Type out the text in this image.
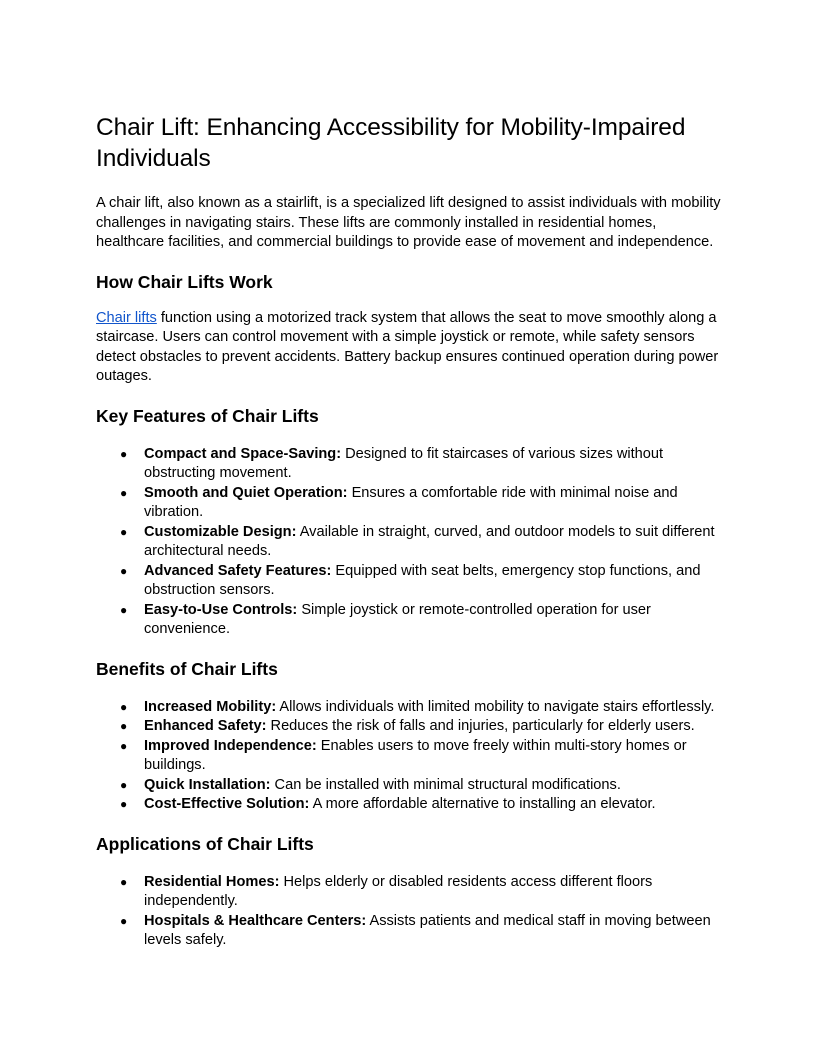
Chair Lift: Enhancing Accessibility for Mobility-Impaired Individuals

A chair lift, also known as a stairlift, is a specialized lift designed to assist individuals with mobility challenges in navigating stairs. These lifts are commonly installed in residential homes, healthcare facilities, and commercial buildings to provide ease of movement and independence.

How Chair Lifts Work

Chair lifts function using a motorized track system that allows the seat to move smoothly along a staircase. Users can control movement with a simple joystick or remote, while safety sensors detect obstacles to prevent accidents. Battery backup ensures continued operation during power outages.

Key Features of Chair Lifts
● Compact and Space-Saving: Designed to fit staircases of various sizes without obstructing movement.
● Smooth and Quiet Operation: Ensures a comfortable ride with minimal noise and vibration.
● Customizable Design: Available in straight, curved, and outdoor models to suit different architectural needs.
● Advanced Safety Features: Equipped with seat belts, emergency stop functions, and obstruction sensors.
● Easy-to-Use Controls: Simple joystick or remote-controlled operation for user convenience.
Benefits of Chair Lifts
● Increased Mobility: Allows individuals with limited mobility to navigate stairs effortlessly.
● Enhanced Safety: Reduces the risk of falls and injuries, particularly for elderly users.
● Improved Independence: Enables users to move freely within multi-story homes or buildings.
● Quick Installation: Can be installed with minimal structural modifications.
● Cost-Effective Solution: A more affordable alternative to installing an elevator.
Applications of Chair Lifts
● Residential Homes: Helps elderly or disabled residents access different floors independently.
● Hospitals & Healthcare Centers: Assists patients and medical staff in moving between levels safely.
